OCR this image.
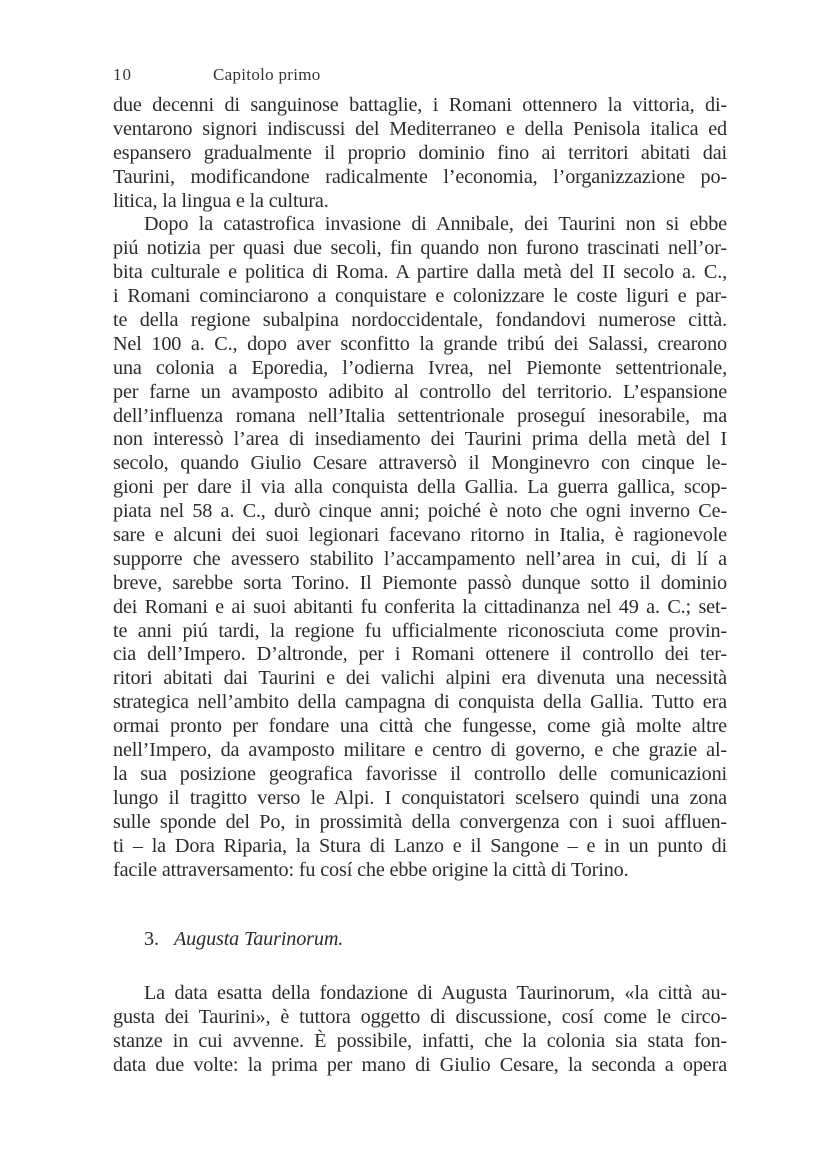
10	Capitolo primo

due decenni di sanguinose battaglie, i Romani ottennero la vittoria, di-
ventarono signori indiscussi del Mediterraneo e della Penisola italica ed
espansero gradualmente il proprio dominio fino ai territori abitati dai
Taurini, modificandone radicalmente l’economia, l’organizzazione po-
litica, la lingua e la cultura.

Dopo la catastrofica invasione di Annibale, dei Taurini non si ebbe
piú notizia per quasi due secoli, fin quando non furono trascinati nell’or-
bita culturale e politica di Roma. A partire dalla metà del II secolo a. C.,
i Romani cominciarono a conquistare e colonizzare le coste liguri e par-
te della regione subalpina nordoccidentale, fondandovi numerose città.
Nel 100 a. C., dopo aver sconfitto la grande tribú dei Salassi, crearono
una colonia a Eporedia, l’odierna Ivrea, nel Piemonte settentrionale,
per farne un avamposto adibito al controllo del territorio. L’espansione
dell’influenza romana nell’Italia settentrionale proseguí inesorabile, ma
non interessò l’area di insediamento dei Taurini prima della metà del I
secolo, quando Giulio Cesare attraversò il Monginevro con cinque le-
gioni per dare il via alla conquista della Gallia. La guerra gallica, scop-
piata nel 58 a. C., durò cinque anni; poiché è noto che ogni inverno Ce-
sare e alcuni dei suoi legionari facevano ritorno in Italia, è ragionevole
supporre che avessero stabilito l’accampamento nell’area in cui, di lí a
breve, sarebbe sorta Torino. Il Piemonte passò dunque sotto il dominio
dei Romani e ai suoi abitanti fu conferita la cittadinanza nel 49 a. C.; set-
te anni piú tardi, la regione fu ufficialmente riconosciuta come provin-
cia dell’Impero. D’altronde, per i Romani ottenere il controllo dei ter-
ritori abitati dai Taurini e dei valichi alpini era divenuta una necessità
strategica nell’ambito della campagna di conquista della Gallia. Tutto era
ormai pronto per fondare una città che fungesse, come già molte altre
nell’Impero, da avamposto militare e centro di governo, e che grazie al-
la sua posizione geografica favorisse il controllo delle comunicazioni
lungo il tragitto verso le Alpi. I conquistatori scelsero quindi una zona
sulle sponde del Po, in prossimità della convergenza con i suoi affluen-
ti – la Dora Riparia, la Stura di Lanzo e il Sangone – e in un punto di
facile attraversamento: fu cosí che ebbe origine la città di Torino.

3. Augusta Taurinorum.

La data esatta della fondazione di Augusta Taurinorum, «la città au-
gusta dei Taurini», è tuttora oggetto di discussione, cosí come le circo-
stanze in cui avvenne. È possibile, infatti, che la colonia sia stata fon-
data due volte: la prima per mano di Giulio Cesare, la seconda a opera
